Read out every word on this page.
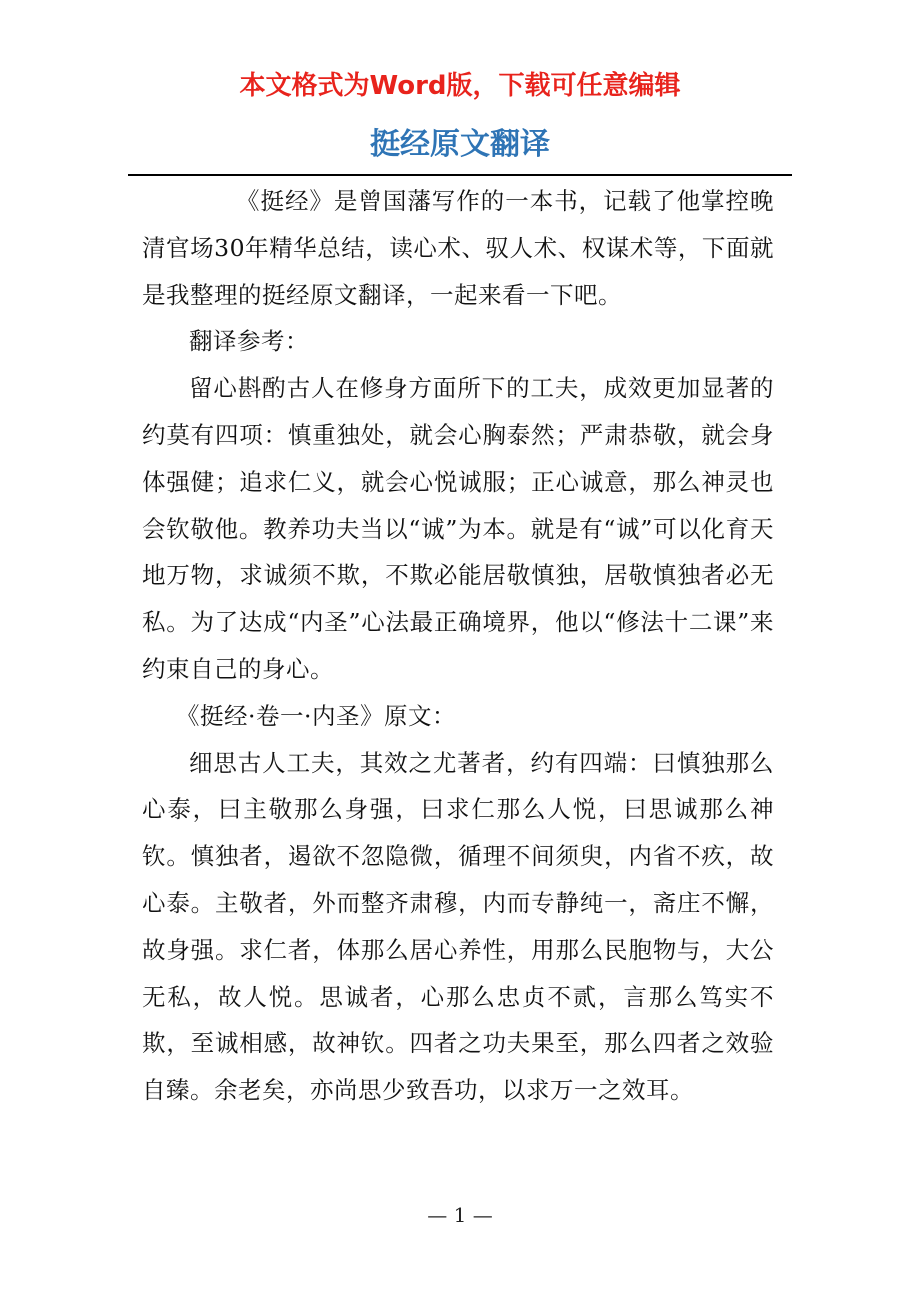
本文格式为Word版，下载可任意编辑
挺经原文翻译

《挺经》是曾国藩写作的一本书，记载了他掌控晚清官场30年精华总结，读心术、驭人术、权谋术等，下面就是我整理的挺经原文翻译，一起来看一下吧。

翻译参考：

留心斟酌古人在修身方面所下的工夫，成效更加显著的约莫有四项：慎重独处，就会心胸泰然；严肃恭敬，就会身体强健；追求仁义，就会心悦诚服；正心诚意，那么神灵也会钦敬他。教养功夫当以“诚”为本。就是有“诚”可以化育天地万物，求诚须不欺，不欺必能居敬慎独，居敬慎独者必无私。为了达成“内圣”心法最正确境界，他以“修法十二课”来约束自己的身心。

《挺经·卷一·内圣》原文：

细思古人工夫，其效之尤著者，约有四端：曰慎独那么心泰，曰主敬那么身强，曰求仁那么人悦，曰思诚那么神钦。慎独者，遏欲不忽隐微，循理不间须臾，内省不疚，故心泰。主敬者，外而整齐肃穆，内而专静纯一，斋庄不懈，故身强。求仁者，体那么居心养性，用那么民胞物与，大公无私，故人悦。思诚者，心那么忠贞不贰，言那么笃实不欺，至诚相感，故神钦。四者之功夫果至，那么四者之效验自臻。余老矣，亦尚思少致吾功，以求万一之效耳。

— 1 —
